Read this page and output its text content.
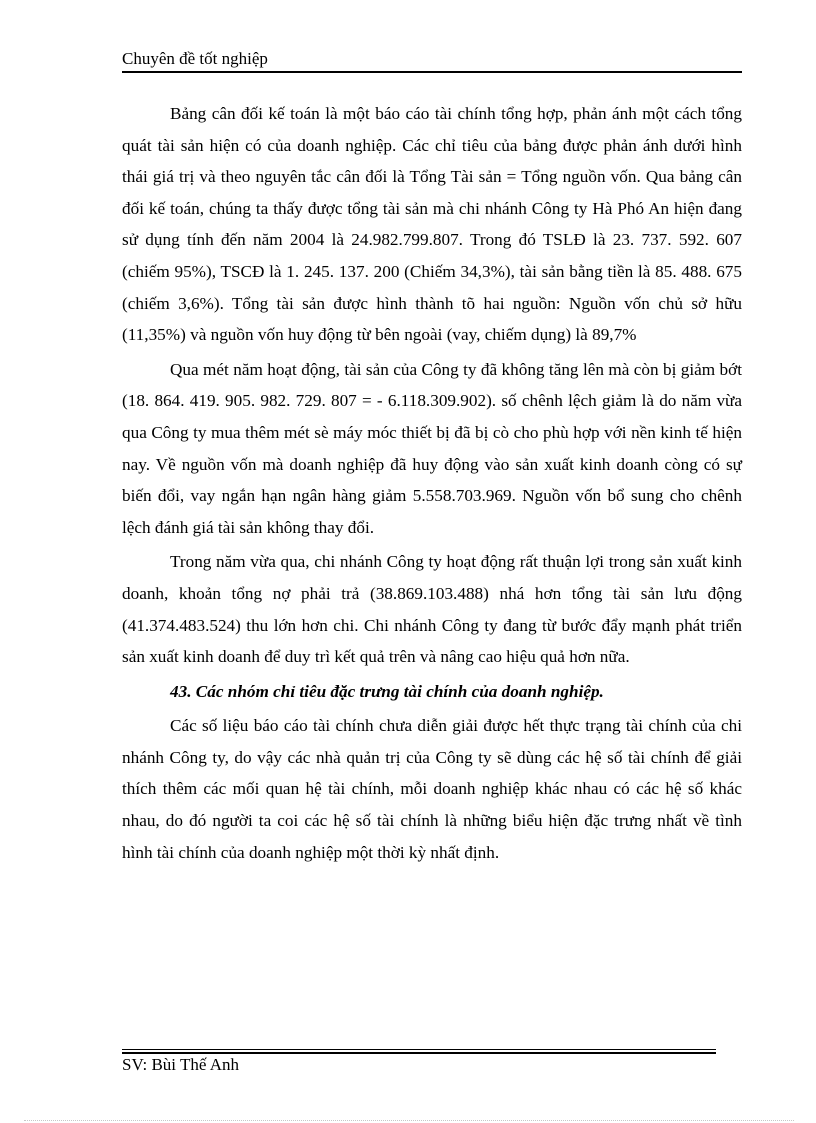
Chuyên đề tốt nghiệp

Bảng cân đối kế toán là một báo cáo tài chính tổng hợp, phản ánh một cách tổng quát tài sản hiện có của doanh nghiệp. Các chỉ tiêu của bảng được phản ánh dưới hình thái giá trị và theo nguyên tắc cân đối là Tổng Tài sản = Tổng nguồn vốn. Qua bảng cân đối kế toán, chúng ta thấy được tổng tài sản mà chi nhánh Công ty Hà Phó An hiện đang sử dụng tính đến năm 2004 là 24.982.799.807. Trong đó TSLĐ là 23. 737. 592. 607 (chiếm 95%), TSCĐ là 1. 245. 137. 200 (Chiếm 34,3%), tài sản bằng tiền là 85. 488. 675 (chiếm 3,6%). Tổng tài sản được hình thành tõ hai nguồn: Nguồn vốn chủ sở hữu (11,35%) và nguồn vốn huy động từ bên ngoài (vay, chiếm dụng) là 89,7%

Qua mét năm hoạt động, tài sản của Công ty đã không tăng lên mà còn bị giảm bớt (18. 864. 419. 905. 982. 729. 807 = - 6.118.309.902). số chênh lệch giảm là do năm vừa qua Công ty mua thêm mét sè máy móc thiết bị đã bị cò cho phù hợp với nền kinh tế hiện nay. Về nguồn vốn mà doanh nghiệp đã huy động vào sản xuất kinh doanh còng có sự biến đổi, vay ngắn hạn ngân hàng giảm 5.558.703.969. Nguồn vốn bổ sung cho chênh lệch đánh giá tài sản không thay đổi.

Trong năm vừa qua, chi nhánh Công ty hoạt động rất thuận lợi trong sản xuất kinh doanh, khoản tổng nợ phải trả (38.869.103.488) nhá hơn tổng tài sản lưu động (41.374.483.524) thu lớn hơn chi. Chi nhánh Công ty đang từ bước đẩy mạnh phát triển sản xuất kinh doanh để duy trì kết quả trên và nâng cao hiệu quả hơn nữa.

43. Các nhóm chỉ tiêu đặc trưng tài chính của doanh nghiệp.

Các số liệu báo cáo tài chính chưa diễn giải được hết thực trạng tài chính của chi nhánh Công ty, do vậy các nhà quản trị của Công ty sẽ dùng các hệ số tài chính để giải thích thêm các mối quan hệ tài chính, mỗi doanh nghiệp khác nhau có các hệ số khác nhau, do đó người ta coi các hệ số tài chính là những biểu hiện đặc trưng nhất về tình hình tài chính của doanh nghiệp một thời kỳ nhất định.

SV: Bùi Thế Anh
